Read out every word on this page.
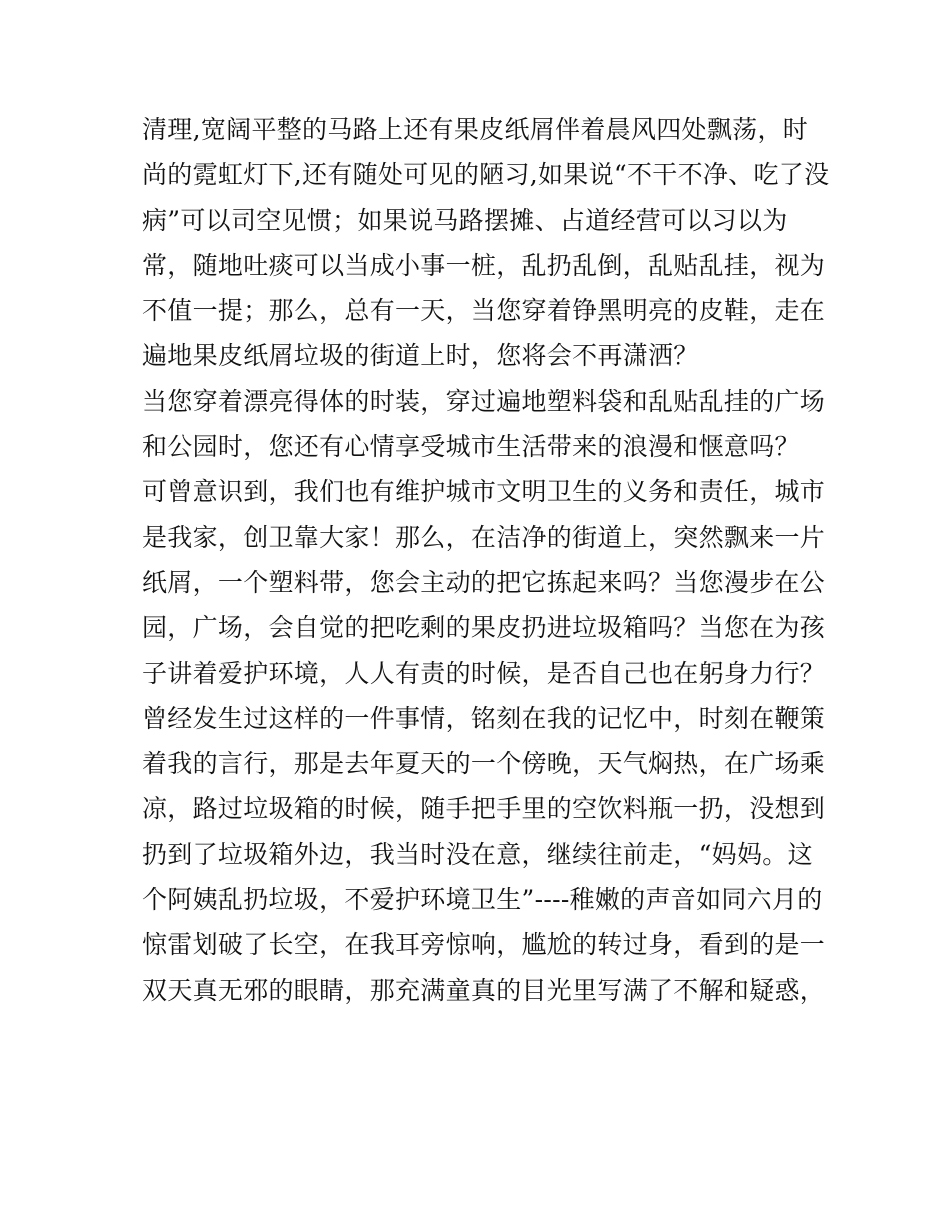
清理,宽阔平整的马路上还有果皮纸屑伴着晨风四处飘荡，时
尚的霓虹灯下,还有随处可见的陋习,如果说“不干不净、吃了没
病”可以司空见惯；如果说马路摆摊、占道经营可以习以为
常，随地吐痰可以当成小事一桩，乱扔乱倒，乱贴乱挂，视为
不值一提；那么，总有一天，当您穿着铮黑明亮的皮鞋，走在
遍地果皮纸屑垃圾的街道上时，您将会不再潇洒？
当您穿着漂亮得体的时装，穿过遍地塑料袋和乱贴乱挂的广场
和公园时，您还有心情享受城市生活带来的浪漫和惬意吗？
可曾意识到，我们也有维护城市文明卫生的义务和责任，城市
是我家，创卫靠大家！那么，在洁净的街道上，突然飘来一片
纸屑，一个塑料带，您会主动的把它拣起来吗？当您漫步在公
园，广场，会自觉的把吃剩的果皮扔进垃圾箱吗？当您在为孩
子讲着爱护环境，人人有责的时候，是否自己也在躬身力行？
曾经发生过这样的一件事情，铭刻在我的记忆中，时刻在鞭策
着我的言行，那是去年夏天的一个傍晚，天气焖热，在广场乘
凉，路过垃圾箱的时候，随手把手里的空饮料瓶一扔，没想到
扔到了垃圾箱外边，我当时没在意，继续往前走，“妈妈。这
个阿姨乱扔垃圾，不爱护环境卫生”----稚嫩的声音如同六月的
惊雷划破了长空，在我耳旁惊响，尴尬的转过身，看到的是一
双天真无邪的眼睛，那充满童真的目光里写满了不解和疑惑，
